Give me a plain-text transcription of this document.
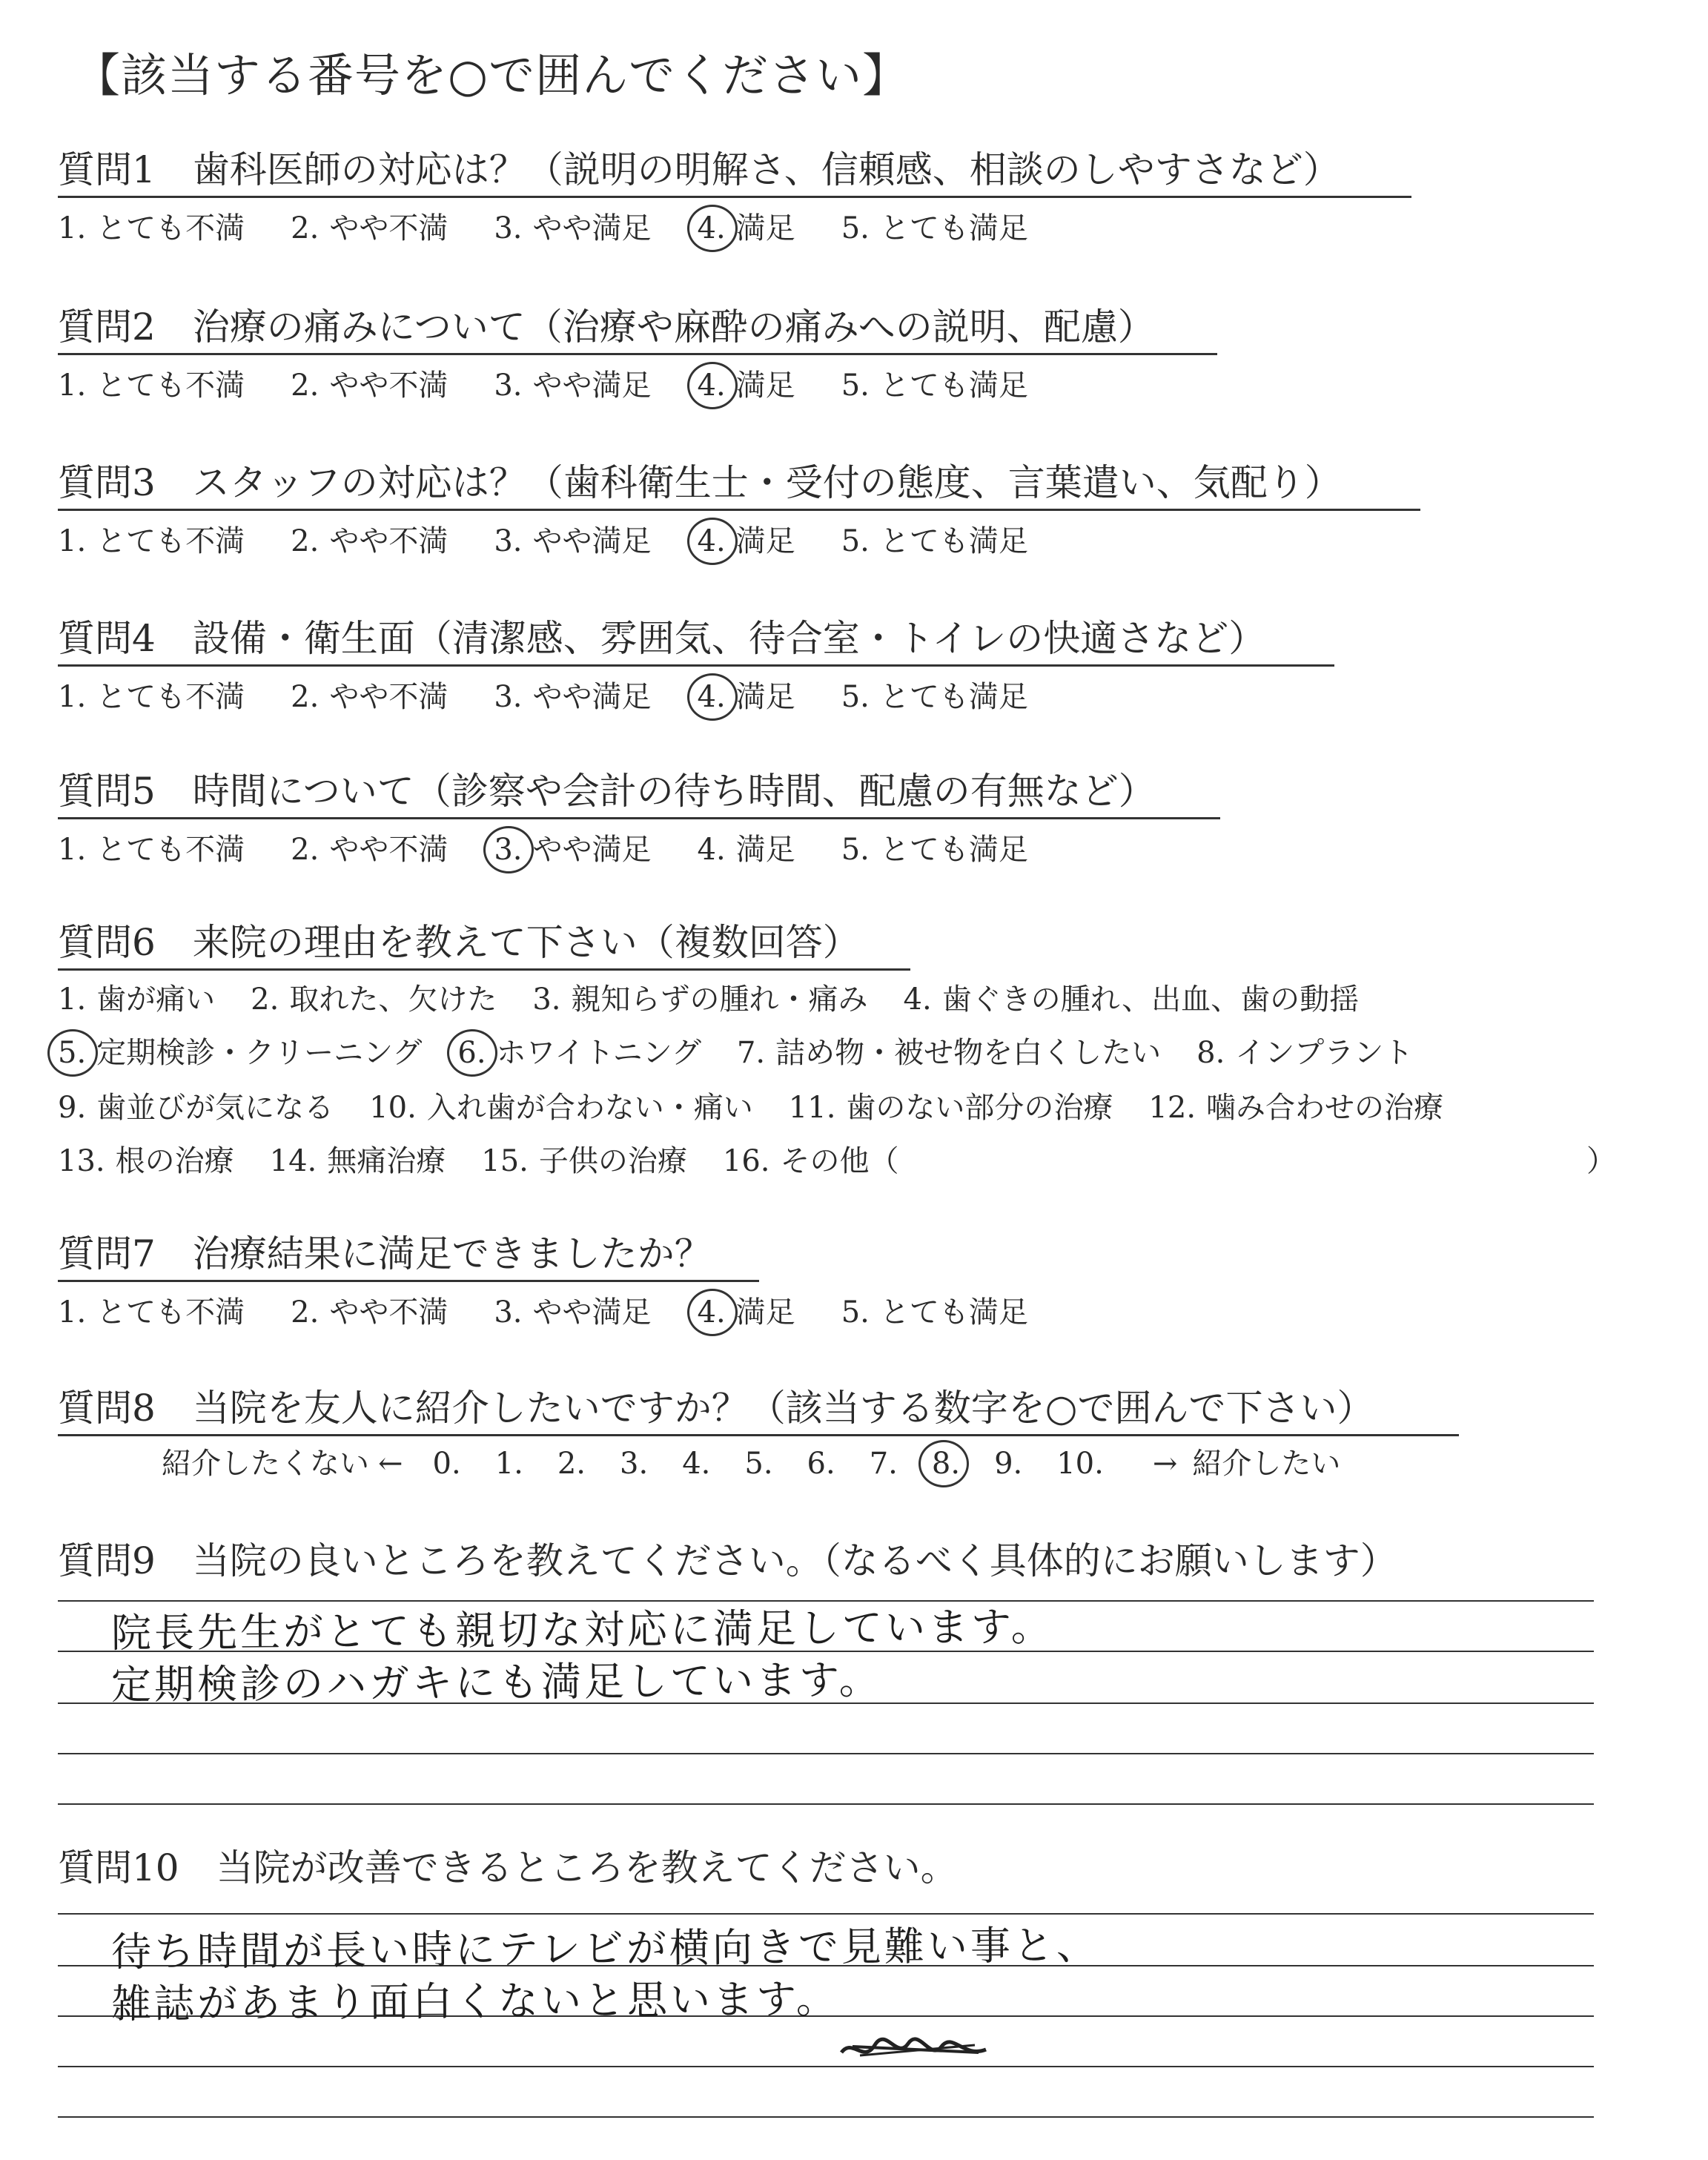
【該当する番号を○で囲んでください】
質問1　歯科医師の対応は？（説明の明解さ、信頼感、相談のしやすさなど）
1. とても不満 2. やや不満 3. やや満足 4. 満足 5. とても満足
質問2　治療の痛みについて（治療や麻酔の痛みへの説明、配慮）
1. とても不満 2. やや不満 3. やや満足 4. 満足 5. とても満足
質問3　スタッフの対応は？（歯科衛生士・受付の態度、言葉遣い、気配り）
1. とても不満 2. やや不満 3. やや満足 4. 満足 5. とても満足
質問4　設備・衛生面（清潔感、雰囲気、待合室・トイレの快適さなど）
1. とても不満 2. やや不満 3. やや満足 4. 満足 5. とても満足
質問5　時間について（診察や会計の待ち時間、配慮の有無など）
1. とても不満 2. やや不満 3. やや満足 4. 満足 5. とても満足
質問6　来院の理由を教えて下さい（複数回答）
1. 歯が痛い 2. 取れた、欠けた 3. 親知らずの腫れ・痛み 4. 歯ぐきの腫れ、出血、歯の動揺
5. 定期検診・クリーニング 6. ホワイトニング 7. 詰め物・被せ物を白くしたい 8. インプラント
9. 歯並びが気になる 10. 入れ歯が合わない・痛い 11. 歯のない部分の治療 12. 噛み合わせの治療
13. 根の治療 14. 無痛治療 15. 子供の治療 16. その他（	）
質問7　治療結果に満足できましたか？
1. とても不満 2. やや不満 3. やや満足 4. 満足 5. とても満足
質問8　当院を友人に紹介したいですか？（該当する数字を○で囲んで下さい）
紹介したくない ← 0. 1. 2. 3. 4. 5. 6. 7. 8. 9. 10. → 紹介したい
質問9　当院の良いところを教えてください。（なるべく具体的にお願いします）
院長先生がとても親切な対応に満足しています。
定期検診のハガキにも満足しています。
質問10　当院が改善できるところを教えてください。
待ち時間が長い時にテレビが横向きで見難い事と、
雑誌があまり面白くないと思います。
